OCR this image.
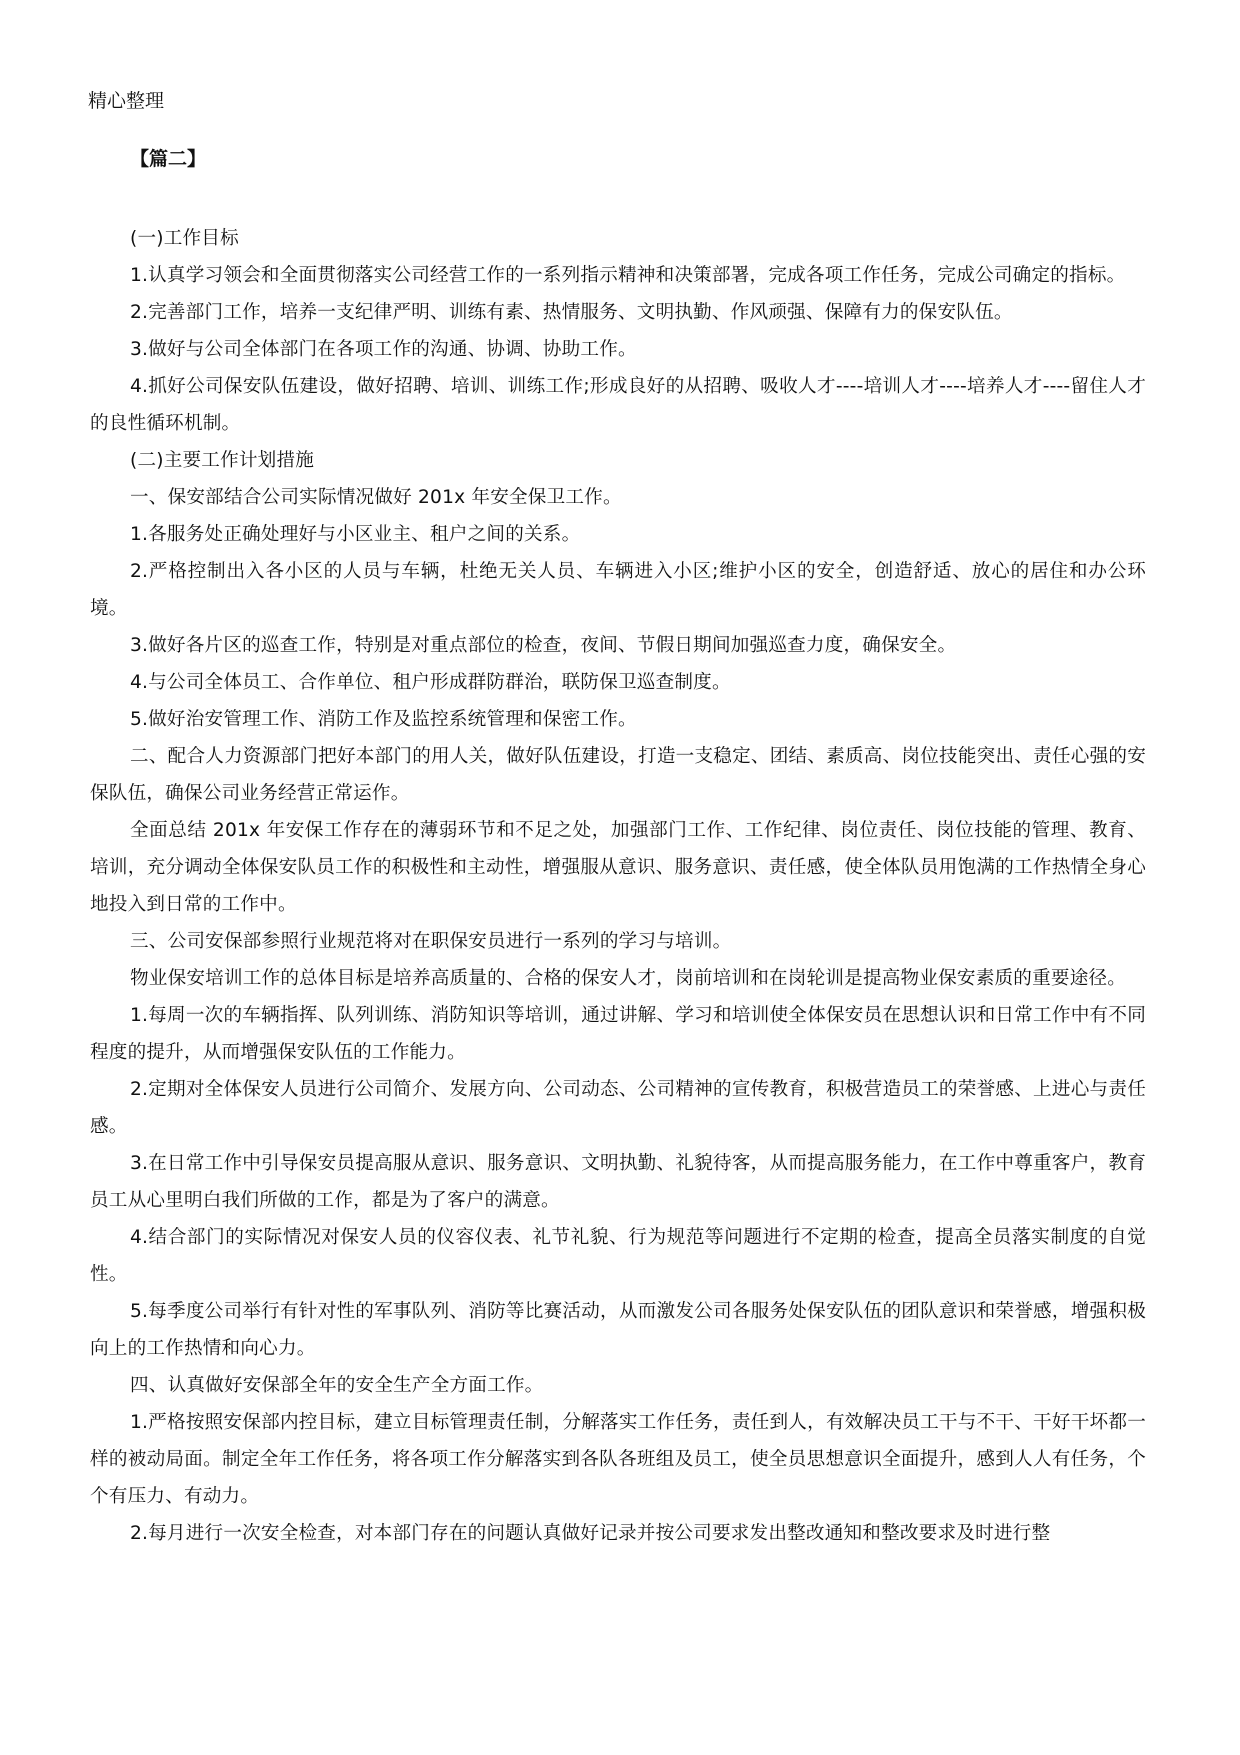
精心整理
【篇二】

(一)工作目标

1.认真学习领会和全面贯彻落实公司经营工作的一系列指示精神和决策部署，完成各项工作任务，完成公司确定的指标。

2.完善部门工作，培养一支纪律严明、训练有素、热情服务、文明执勤、作风顽强、保障有力的保安队伍。

3.做好与公司全体部门在各项工作的沟通、协调、协助工作。

4.抓好公司保安队伍建设，做好招聘、培训、训练工作;形成良好的从招聘、吸收人才----培训人才----培养人才----留住人才的良性循环机制。

(二)主要工作计划措施

一、保安部结合公司实际情况做好 201x 年安全保卫工作。

1.各服务处正确处理好与小区业主、租户之间的关系。

2.严格控制出入各小区的人员与车辆，杜绝无关人员、车辆进入小区;维护小区的安全，创造舒适、放心的居住和办公环境。

3.做好各片区的巡查工作，特别是对重点部位的检查，夜间、节假日期间加强巡查力度，确保安全。

4.与公司全体员工、合作单位、租户形成群防群治，联防保卫巡查制度。

5.做好治安管理工作、消防工作及监控系统管理和保密工作。

二、配合人力资源部门把好本部门的用人关，做好队伍建设，打造一支稳定、团结、素质高、岗位技能突出、责任心强的安保队伍，确保公司业务经营正常运作。

全面总结 201x 年安保工作存在的薄弱环节和不足之处，加强部门工作、工作纪律、岗位责任、岗位技能的管理、教育、培训，充分调动全体保安队员工作的积极性和主动性，增强服从意识、服务意识、责任感，使全体队员用饱满的工作热情全身心地投入到日常的工作中。

三、公司安保部参照行业规范将对在职保安员进行一系列的学习与培训。

物业保安培训工作的总体目标是培养高质量的、合格的保安人才，岗前培训和在岗轮训是提高物业保安素质的重要途径。

1.每周一次的车辆指挥、队列训练、消防知识等培训，通过讲解、学习和培训使全体保安员在思想认识和日常工作中有不同程度的提升，从而增强保安队伍的工作能力。

2.定期对全体保安人员进行公司简介、发展方向、公司动态、公司精神的宣传教育，积极营造员工的荣誉感、上进心与责任感。

3.在日常工作中引导保安员提高服从意识、服务意识、文明执勤、礼貌待客，从而提高服务能力，在工作中尊重客户，教育员工从心里明白我们所做的工作，都是为了客户的满意。

4.结合部门的实际情况对保安人员的仪容仪表、礼节礼貌、行为规范等问题进行不定期的检查，提高全员落实制度的自觉性。

5.每季度公司举行有针对性的军事队列、消防等比赛活动，从而激发公司各服务处保安队伍的团队意识和荣誉感，增强积极向上的工作热情和向心力。

四、认真做好安保部全年的安全生产全方面工作。

1.严格按照安保部内控目标，建立目标管理责任制，分解落实工作任务，责任到人，有效解决员工干与不干、干好干坏都一样的被动局面。制定全年工作任务，将各项工作分解落实到各队各班组及员工，使全员思想意识全面提升，感到人人有任务，个个有压力、有动力。

2.每月进行一次安全检查，对本部门存在的问题认真做好记录并按公司要求发出整改通知和整改要求及时进行整
